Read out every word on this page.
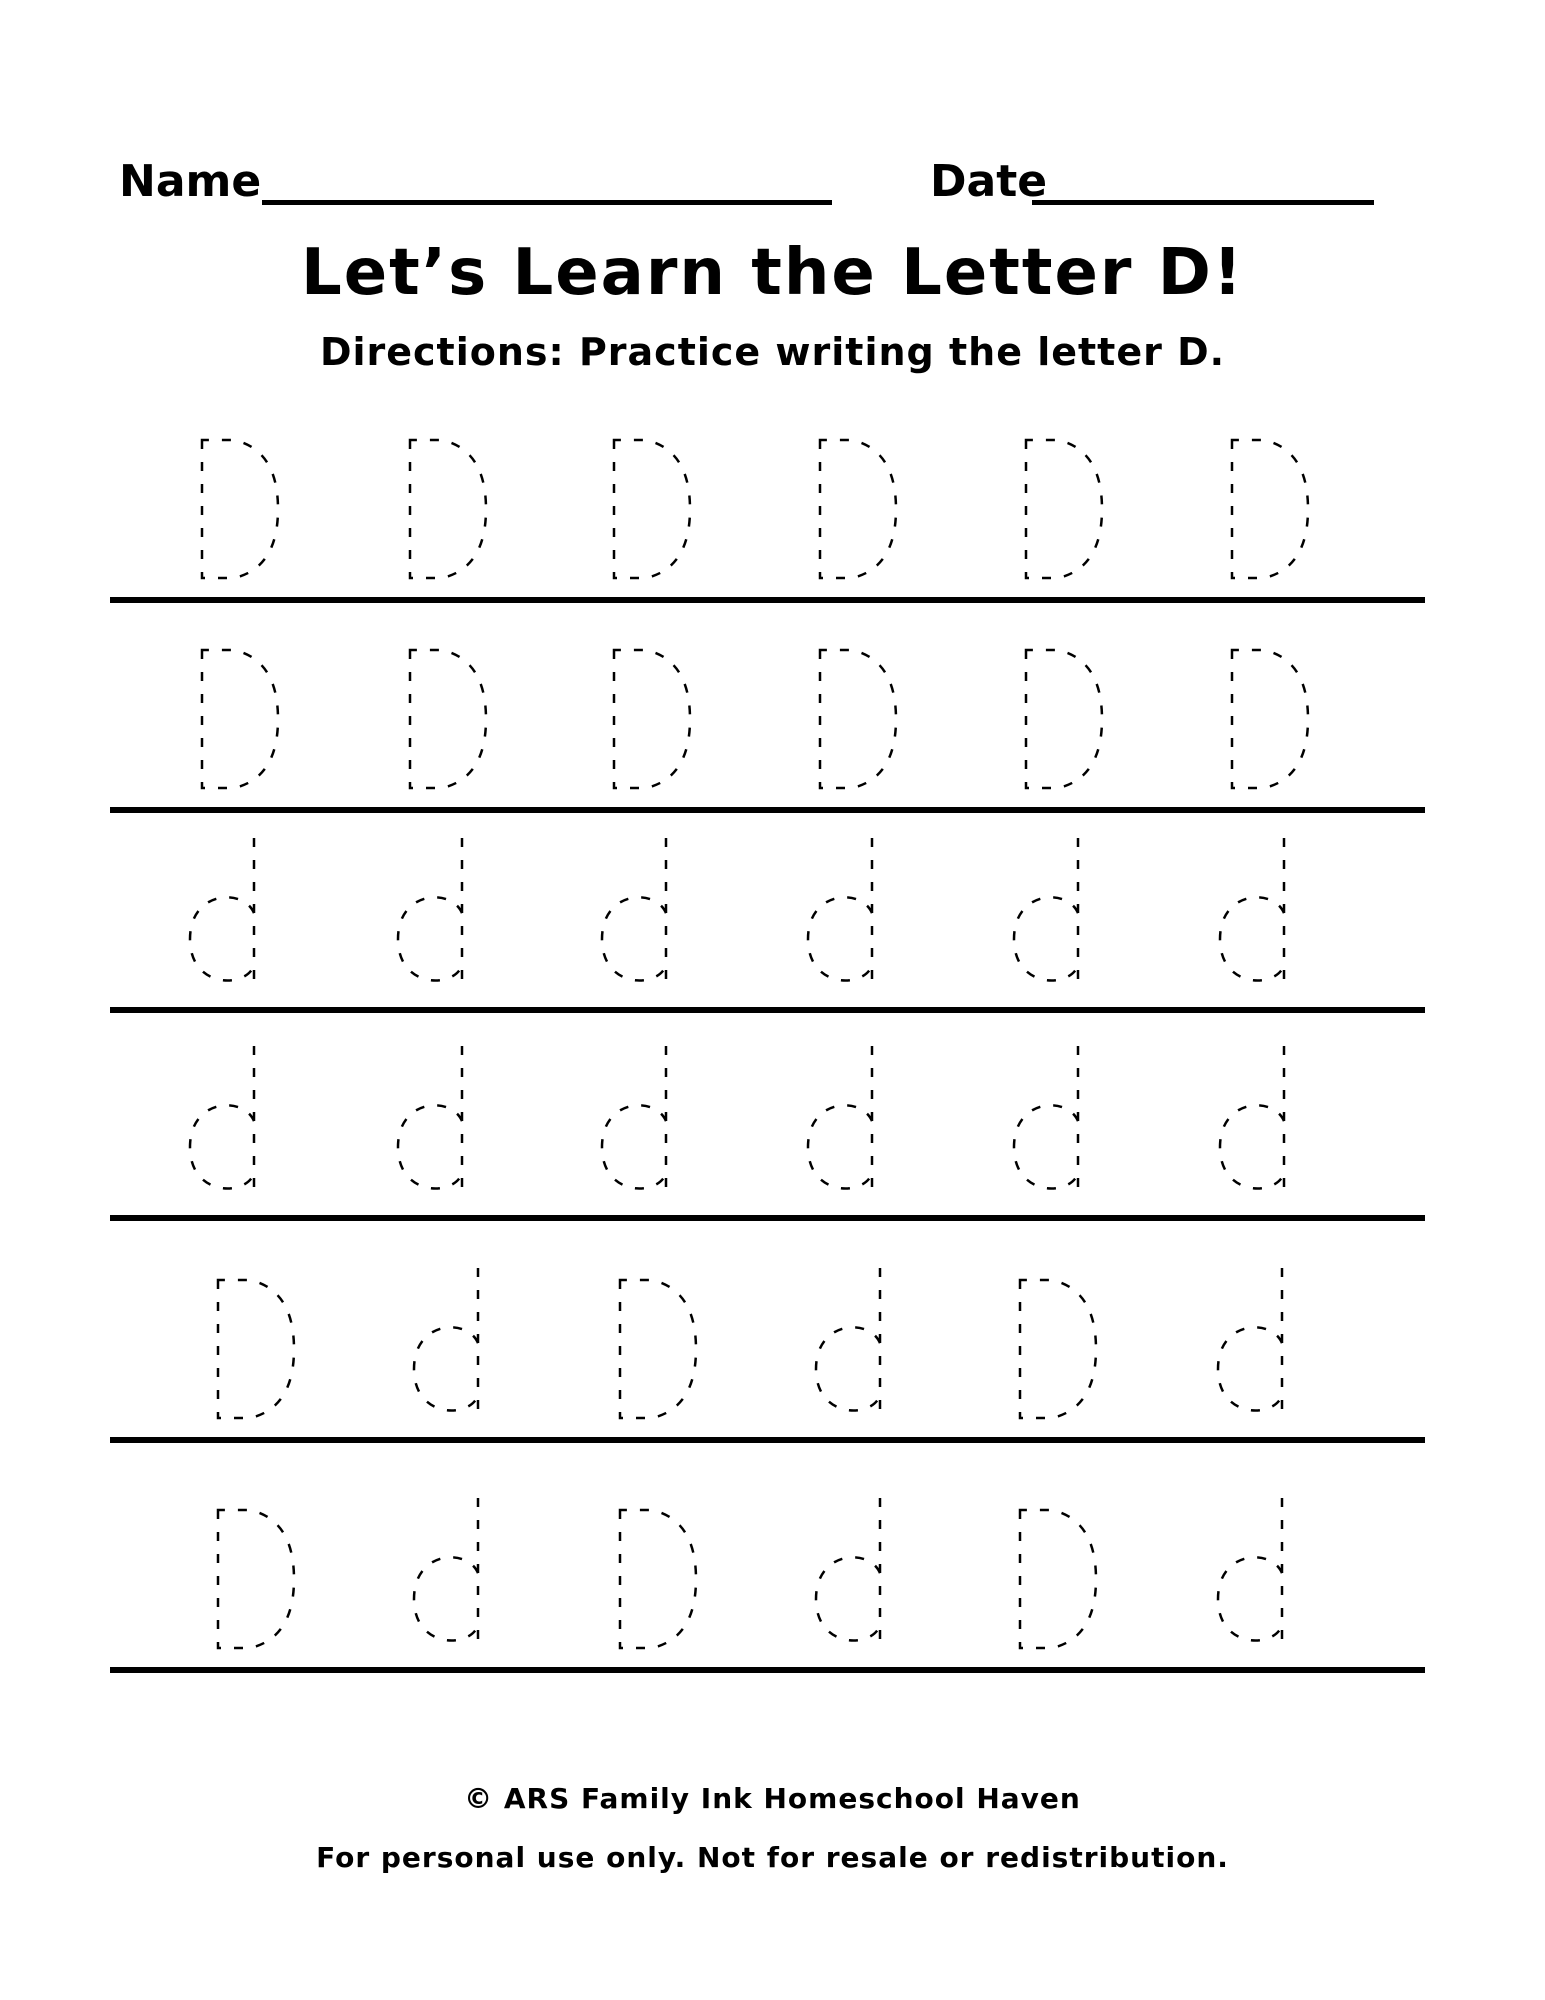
Name	Date
Let’s Learn the Letter D!
Directions: Practice writing the letter D.
© ARS Family Ink Homeschool Haven
For personal use only. Not for resale or redistribution.
